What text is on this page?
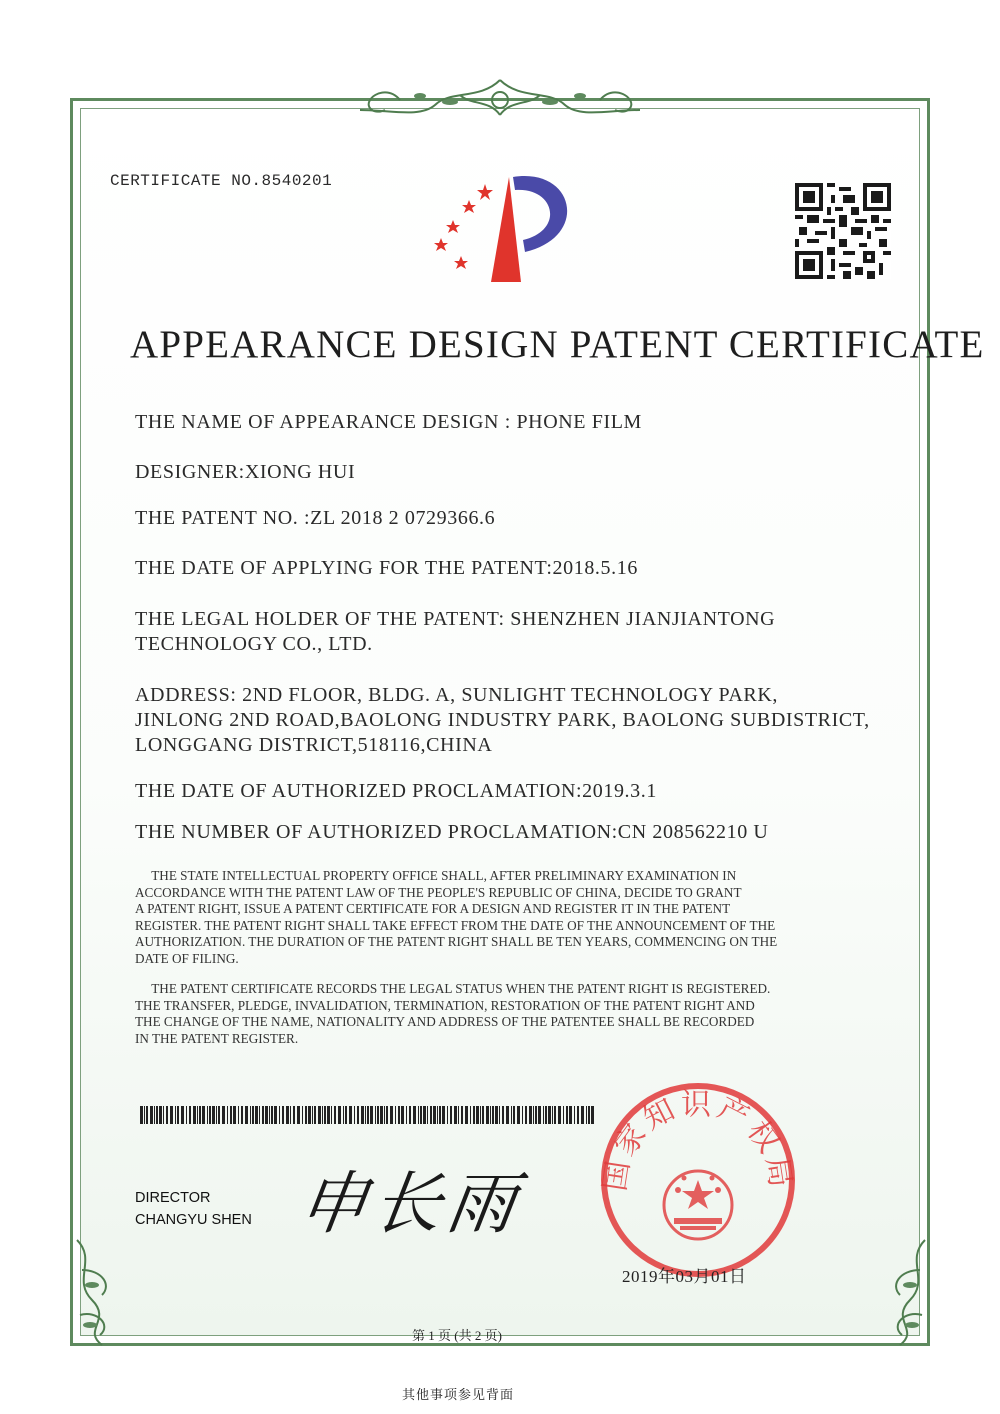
CERTIFICATE NO.8540201
APPEARANCE DESIGN PATENT CERTIFICATE
THE NAME OF APPEARANCE DESIGN : PHONE FILM
DESIGNER:XIONG HUI
THE PATENT NO. :ZL 2018 2 0729366.6
THE DATE OF APPLYING FOR THE PATENT:2018.5.16
THE LEGAL HOLDER OF THE PATENT: SHENZHEN JIANJIANTONG
TECHNOLOGY CO., LTD.
ADDRESS: 2ND FLOOR, BLDG. A, SUNLIGHT TECHNOLOGY PARK,
JINLONG 2ND ROAD,BAOLONG INDUSTRY PARK, BAOLONG SUBDISTRICT,
LONGGANG DISTRICT,518116,CHINA
THE DATE OF AUTHORIZED PROCLAMATION:2019.3.1
THE NUMBER OF AUTHORIZED PROCLAMATION:CN 208562210 U
THE STATE INTELLECTUAL PROPERTY OFFICE SHALL, AFTER PRELIMINARY EXAMINATION IN
ACCORDANCE WITH THE PATENT LAW OF THE PEOPLE'S REPUBLIC OF CHINA, DECIDE TO GRANT
A PATENT RIGHT, ISSUE A PATENT CERTIFICATE FOR A DESIGN AND REGISTER IT IN THE PATENT
REGISTER. THE PATENT RIGHT SHALL TAKE EFFECT FROM THE DATE OF THE ANNOUNCEMENT OF THE
AUTHORIZATION. THE DURATION OF THE PATENT RIGHT SHALL BE TEN YEARS, COMMENCING ON THE
DATE OF FILING.
THE PATENT CERTIFICATE RECORDS THE LEGAL STATUS WHEN THE PATENT RIGHT IS REGISTERED.
THE TRANSFER, PLEDGE, INVALIDATION, TERMINATION, RESTORATION OF THE PATENT RIGHT AND
THE CHANGE OF THE NAME, NATIONALITY AND ADDRESS OF THE PATENTEE SHALL BE RECORDED
IN THE PATENT REGISTER.
DIRECTOR
CHANGYU SHEN 申长雨 国家知识产权局
2019年03月01日
第 1 页 (共 2 页)
其他事项参见背面
